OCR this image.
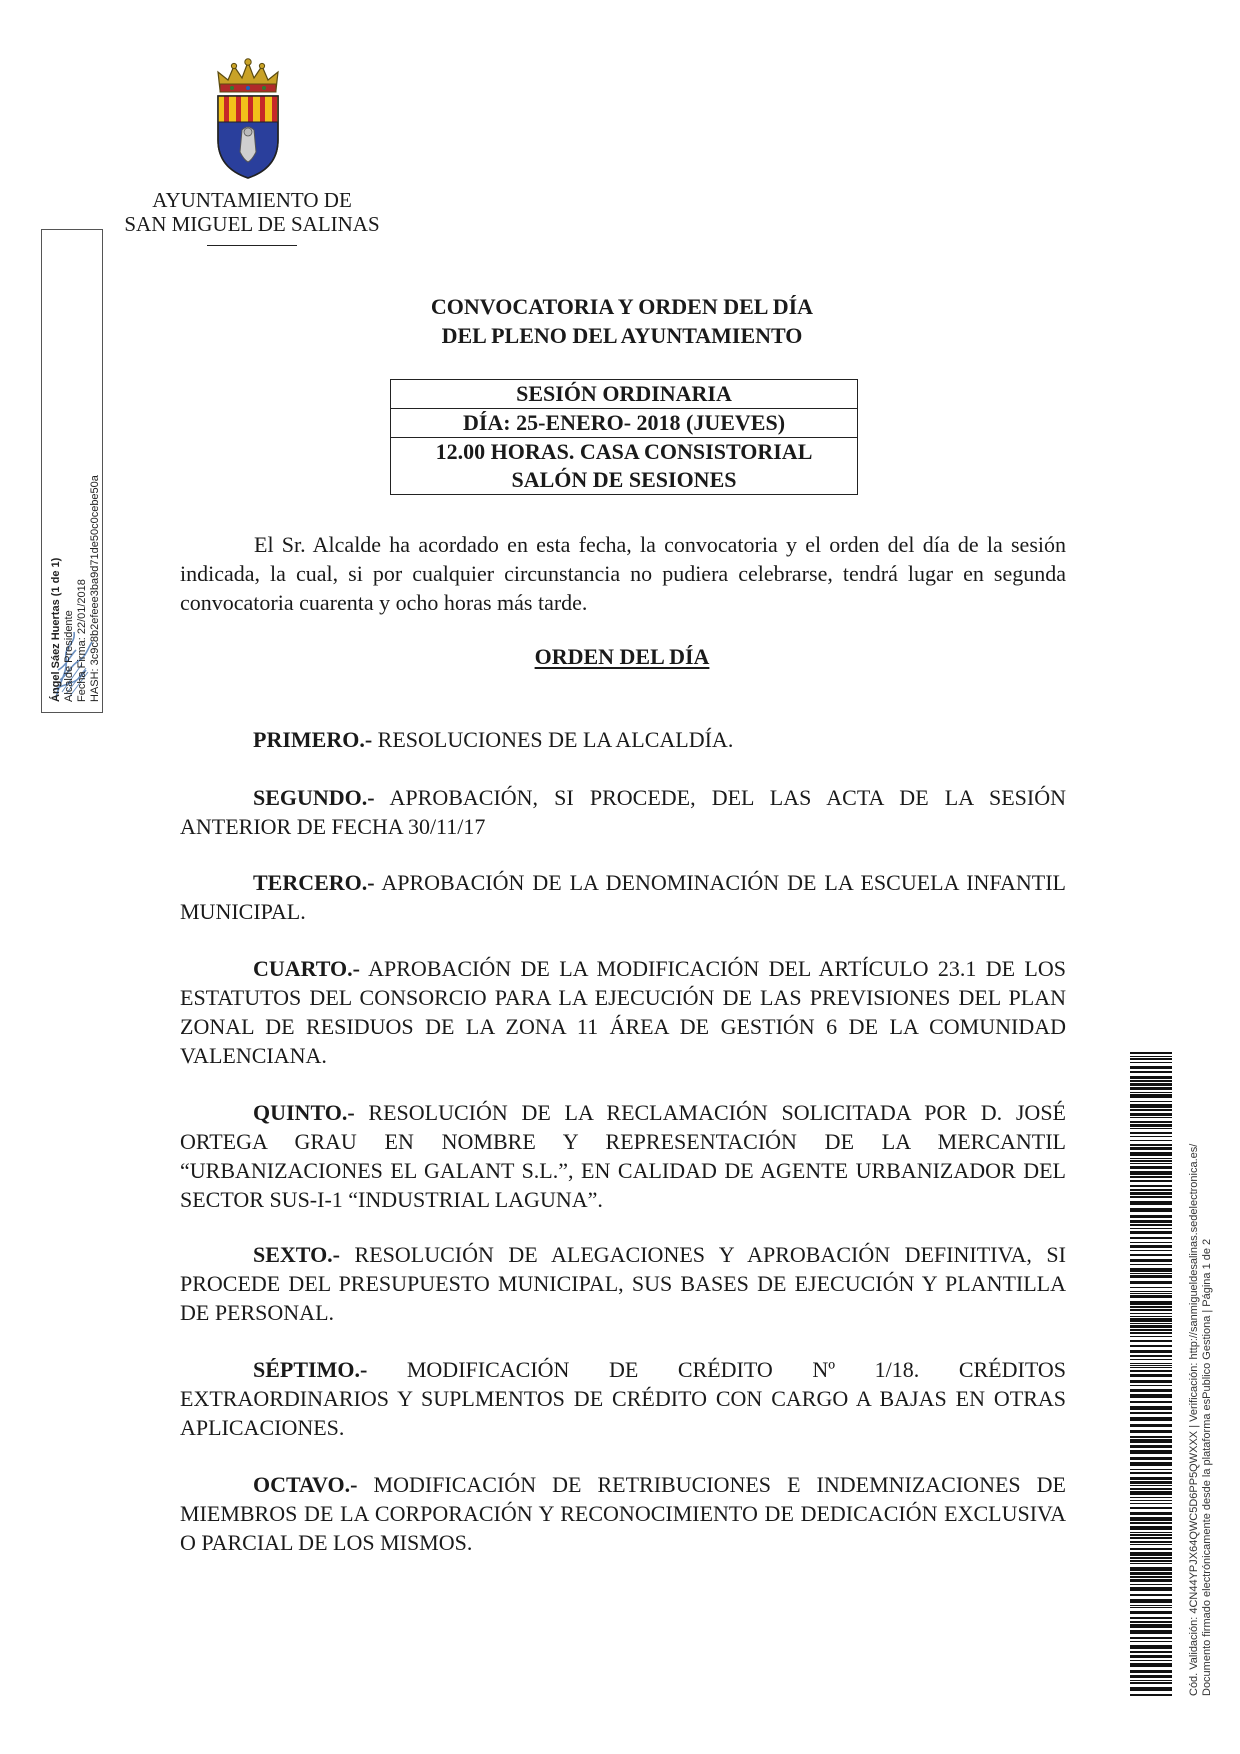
AYUNTAMIENTO DE
SAN MIGUEL DE SALINAS
Ángel Sáez Huertas (1 de 1) Alcalde Presidente Fecha Firma: 22/01/2018 HASH: 3c9c8b2efeee3ba9d71de50c0cebe50a
CONVOCATORIA Y ORDEN DEL DÍA
DEL PLENO DEL AYUNTAMIENTO
SESIÓN ORDINARIA
DÍA: 25-ENERO- 2018 (JUEVES)
12.00 HORAS. CASA CONSISTORIAL
SALÓN DE SESIONES
El Sr. Alcalde ha acordado en esta fecha, la convocatoria y el orden del día de la sesión indicada, la cual, si por cualquier circunstancia no pudiera celebrarse, tendrá lugar en segunda convocatoria cuarenta y ocho horas más tarde.
ORDEN DEL DÍA
PRIMERO.- RESOLUCIONES DE LA ALCALDÍA.
SEGUNDO.- APROBACIÓN, SI PROCEDE, DEL LAS ACTA DE LA SESIÓN ANTERIOR DE FECHA 30/11/17
TERCERO.- APROBACIÓN DE LA DENOMINACIÓN DE LA ESCUELA INFANTIL MUNICIPAL.
CUARTO.- APROBACIÓN DE LA MODIFICACIÓN DEL ARTÍCULO 23.1 DE LOS ESTATUTOS DEL CONSORCIO PARA LA EJECUCIÓN DE LAS PREVISIONES DEL PLAN ZONAL DE RESIDUOS DE LA ZONA 11 ÁREA DE GESTIÓN 6 DE LA COMUNIDAD VALENCIANA.
QUINTO.- RESOLUCIÓN DE LA RECLAMACIÓN SOLICITADA POR D. JOSÉ ORTEGA GRAU EN NOMBRE Y REPRESENTACIÓN DE LA MERCANTIL “URBANIZACIONES EL GALANT S.L.”, EN CALIDAD DE AGENTE URBANIZADOR DEL SECTOR SUS-I-1 “INDUSTRIAL LAGUNA”.
SEXTO.- RESOLUCIÓN DE ALEGACIONES Y APROBACIÓN DEFINITIVA, SI PROCEDE DEL PRESUPUESTO MUNICIPAL, SUS BASES DE EJECUCIÓN Y PLANTILLA DE PERSONAL.
SÉPTIMO.- MODIFICACIÓN DE CRÉDITO Nº 1/18. CRÉDITOS EXTRAORDINARIOS Y SUPLMENTOS DE CRÉDITO CON CARGO A BAJAS EN OTRAS APLICACIONES.
OCTAVO.- MODIFICACIÓN DE RETRIBUCIONES E INDEMNIZACIONES DE MIEMBROS DE LA CORPORACIÓN Y RECONOCIMIENTO DE DEDICACIÓN EXCLUSIVA O PARCIAL DE LOS MISMOS.	Cód. Validación: 4CN44YPJX64QWC5D6PP5QWXXX | Verificación: http://sanmigueldesalinas.sedelectronica.es/ Documento firmado electrónicamente desde la plataforma esPublico Gestiona | Página 1 de 2
